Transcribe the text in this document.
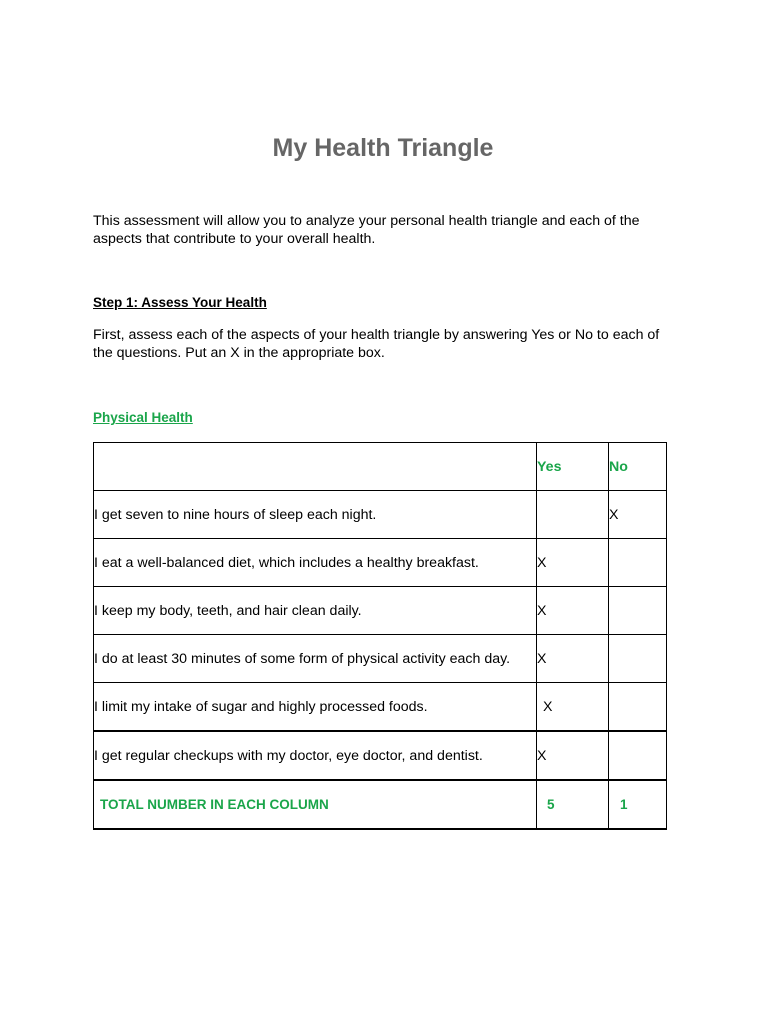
My Health Triangle

This assessment will allow you to analyze your personal health triangle and each of the aspects that contribute to your overall health.

Step 1: Assess Your Health

First, assess each of the aspects of your health triangle by answering Yes or No to each of the questions. Put an X in the appropriate box.

Physical Health

	Yes	No
I get seven to nine hours of sleep each night.		X
I eat a well-balanced diet, which includes a healthy breakfast.	X	
I keep my body, teeth, and hair clean daily.	X	
I do at least 30 minutes of some form of physical activity each day.	X	
I limit my intake of sugar and highly processed foods.	X	
I get regular checkups with my doctor, eye doctor, and dentist.	X	
TOTAL NUMBER IN EACH COLUMN	5	1
